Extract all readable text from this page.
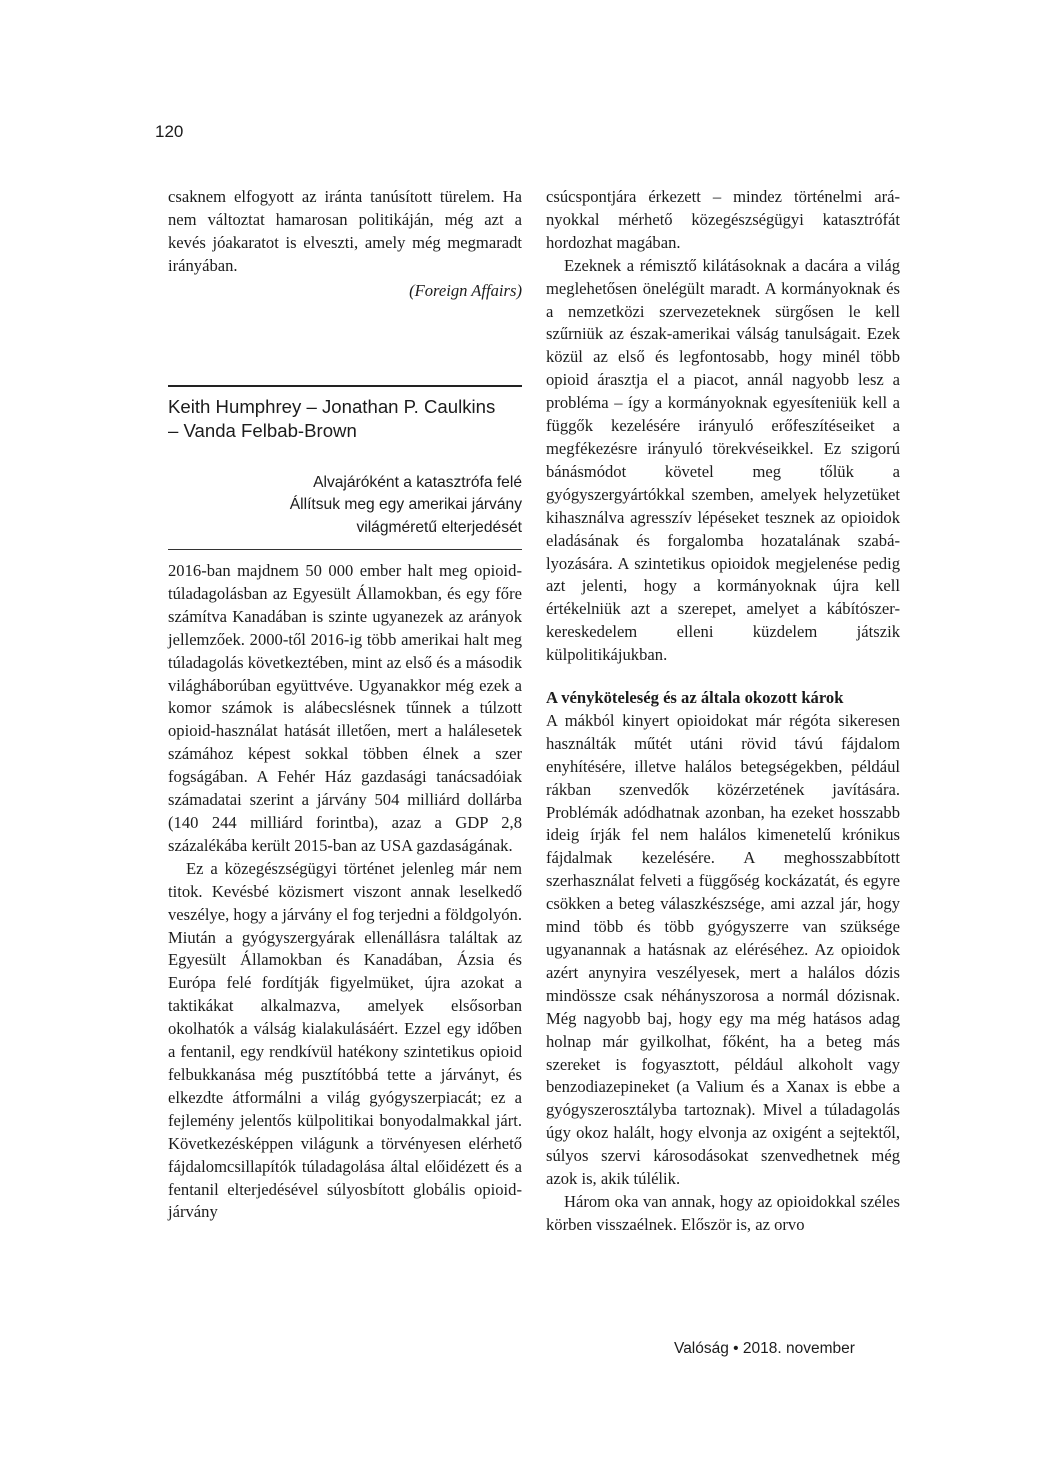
120

csaknem elfogyott az iránta tanúsított türelem. Ha nem változtat hamarosan politikáján, még azt a kevés jóakaratot is elveszti, amely még megmaradt irányában.

(Foreign Affairs)

Keith Humphrey – Jonathan P. Caulkins
– Vanda Felbab-Brown
Alvajáróként a katasztrófa felé
Állítsuk meg egy amerikai járvány
világméretű elterjedését

2016-ban majdnem 50 000 ember halt meg opioid-túladagolásban az Egyesült Államokban, és egy főre számítva Kanadában is szinte ugyanezek az arányok jellemzőek. 2000-től 2016-ig több amerikai halt meg túladagolás következtében, mint az első és a második világháborúban együttvéve. Ugyanakkor még ezek a komor számok is alábecslésnek tűnnek a túlzott opioid-használat hatását illetően, mert a halálesetek számához képest sokkal többen élnek a szer fogságában. A Fehér Ház gazdasági tanácsadóiak számadatai szerint a járvány 504 milliárd dollárba (140 244 milliárd forintba), azaz a GDP 2,8 százalékába került 2015-ban az USA gazdaságának.

Ez a közegészségügyi történet jelenleg már nem titok. Kevésbé közismert viszont annak leselkedő veszélye, hogy a járvány el fog terjedni a földgolyón. Miután a gyógyszergyárak ellenállásra találtak az Egyesült Államokban és Kanadában, Ázsia és Európa felé fordítják figyelmüket, újra azokat a taktikákat alkalmazva, amelyek elsősorban okolhatók a válság kialakulásáért. Ezzel egy időben a fentanil, egy rendkívül hatékony szintetikus opioid felbukkanása még pusztítóbbá tette a járványt, és elkezdte átformálni a világ gyógyszerpiacát; ez a fejlemény jelentős külpolitikai bonyodalmakkal járt. Következésképpen világunk a törvényesen elérhető fájdalomcsillapítók túladagolása által előidézett és a fentanil elterjedésével súlyosbított globális opioid-járvány

csúcspontjára érkezett – mindez történelmi arányokkal mérhető közegészségügyi katasztrófát hordozhat magában.

Ezeknek a rémisztő kilátásoknak a dacára a világ meglehetősen önelégült maradt. A kormányoknak és a nemzetközi szervezeteknek sürgősen le kell szűrniük az észak-amerikai válság tanulságait. Ezek közül az első és legfontosabb, hogy minél több opioid árasztja el a piacot, annál nagyobb lesz a probléma – így a kormányoknak egyesíteniük kell a függők kezelésére irányuló erőfeszítéseiket a megfékezésre irányuló törekvéseikkel. Ez szigorú bánásmódot követel meg tőlük a gyógyszergyártókkal szemben, amelyek helyzetüket kihasználva agresszív lépéseket tesznek az opioidok eladásának és forgalomba hozatalának szabályozására. A szintetikus opioidok megjelenése pedig azt jelenti, hogy a kormányoknak újra kell értékelniük azt a szerepet, amelyet a kábítószer-kereskedelem elleni küzdelem játszik külpolitikájukban.

A vényköteleség és az általa okozott károk

A mákból kinyert opioidokat már régóta sikeresen használták műtét utáni rövid távú fájdalom enyhítésére, illetve halálos betegségekben, például rákban szenvedők közérzetének javítására. Problémák adódhatnak azonban, ha ezeket hosszabb ideig írják fel nem halálos kimenetelű krónikus fájdalmak kezelésére. A meghosszabbított szerhasználat felveti a függőség kockázatát, és egyre csökken a beteg válaszkészsége, ami azzal jár, hogy mind több és több gyógyszerre van szüksége ugyanannak a hatásnak az eléréséhez. Az opioidok azért anynyira veszélyesek, mert a halálos dózis mindössze csak néhányszorosa a normál dózisnak. Még nagyobb baj, hogy egy ma még hatásos adag holnap már gyilkolhat, főként, ha a beteg más szereket is fogyasztott, például alkoholt vagy benzodiazepineket (a Valium és a Xanax is ebbe a gyógyszerosztályba tartoznak). Mivel a túladagolás úgy okoz halált, hogy elvonja az oxigént a sejtektől, súlyos szervi károsodásokat szenvedhetnek még azok is, akik túlélik.

Három oka van annak, hogy az opioidokkal széles körben visszaélnek. Először is, az orvo

Valóság • 2018. november
